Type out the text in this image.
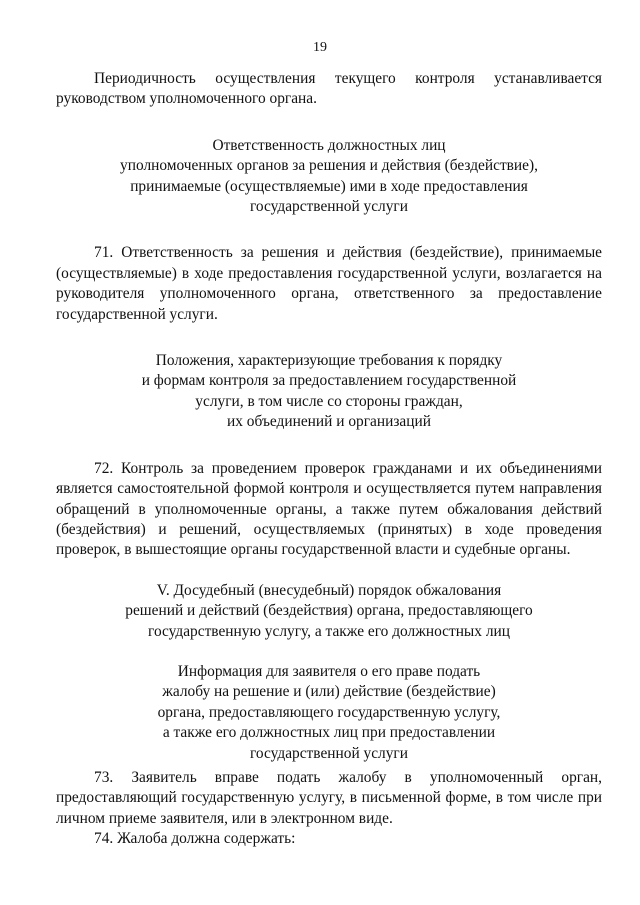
19

Периодичность осуществления текущего контроля устанавливается руководством уполномоченного органа.

Ответственность должностных лиц
уполномоченных органов за решения и действия (бездействие),
принимаемые (осуществляемые) ими в ходе предоставления
государственной услуги

71. Ответственность за решения и действия (бездействие), принимаемые (осуществляемые) в ходе предоставления государственной услуги, возлагается на руководителя уполномоченного органа, ответственного за предоставление государственной услуги.

Положения, характеризующие требования к порядку
и формам контроля за предоставлением государственной
услуги, в том числе со стороны граждан,
их объединений и организаций

72. Контроль за проведением проверок гражданами и их объединениями является самостоятельной формой контроля и осуществляется путем направления обращений в уполномоченные органы, а также путем обжалования действий (бездействия) и решений, осуществляемых (принятых) в ходе проведения проверок, в вышестоящие органы государственной власти и судебные органы.

V. Досудебный (внесудебный) порядок обжалования
решений и действий (бездействия) органа, предоставляющего
государственную услугу, а также его должностных лиц
Информация для заявителя о его праве подать
жалобу на решение и (или) действие (бездействие)
органа, предоставляющего государственную услугу,
а также его должностных лиц при предоставлении
государственной услуги

73. Заявитель вправе подать жалобу в уполномоченный орган, предоставляющий государственную услугу, в письменной форме, в том числе при личном приеме заявителя, или в электронном виде.

74. Жалоба должна содержать:
